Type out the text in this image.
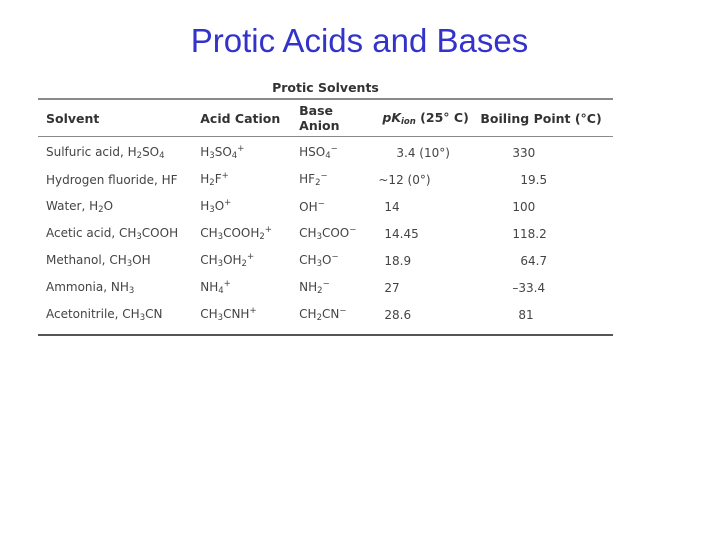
Protic Acids and Bases
Protic Solvents
Solvent	Acid Cation	Base Anion	$pK_{ion}$ (25° C)	Boiling Point (°C)
Sulfuric acid, $H_2SO_4$	$H_3SO_4^+$	$HSO_4^-$	3.4 (10°)	330
Hydrogen fluoride, HF	$H_2F^+$	$HF_2^-$	~12 (0°)	19.5
Water, $H_2O$	$H_3O^+$	OH−	14	100
Acetic acid, $CH_3COOH$	$CH_3COOH_2^+$	$CH_3COO^-$	14.45	118.2
Methanol, $CH_3OH$	$CH_3OH_2^+$	$CH_3O^-$	18.9	64.7
Ammonia, $NH_3$	$NH_4^+$	$NH_2^-$	27	–33.4
Acetonitrile, $CH_3CN$	$CH_3CNH^+$	$CH_2CN^-$	28.6	81
